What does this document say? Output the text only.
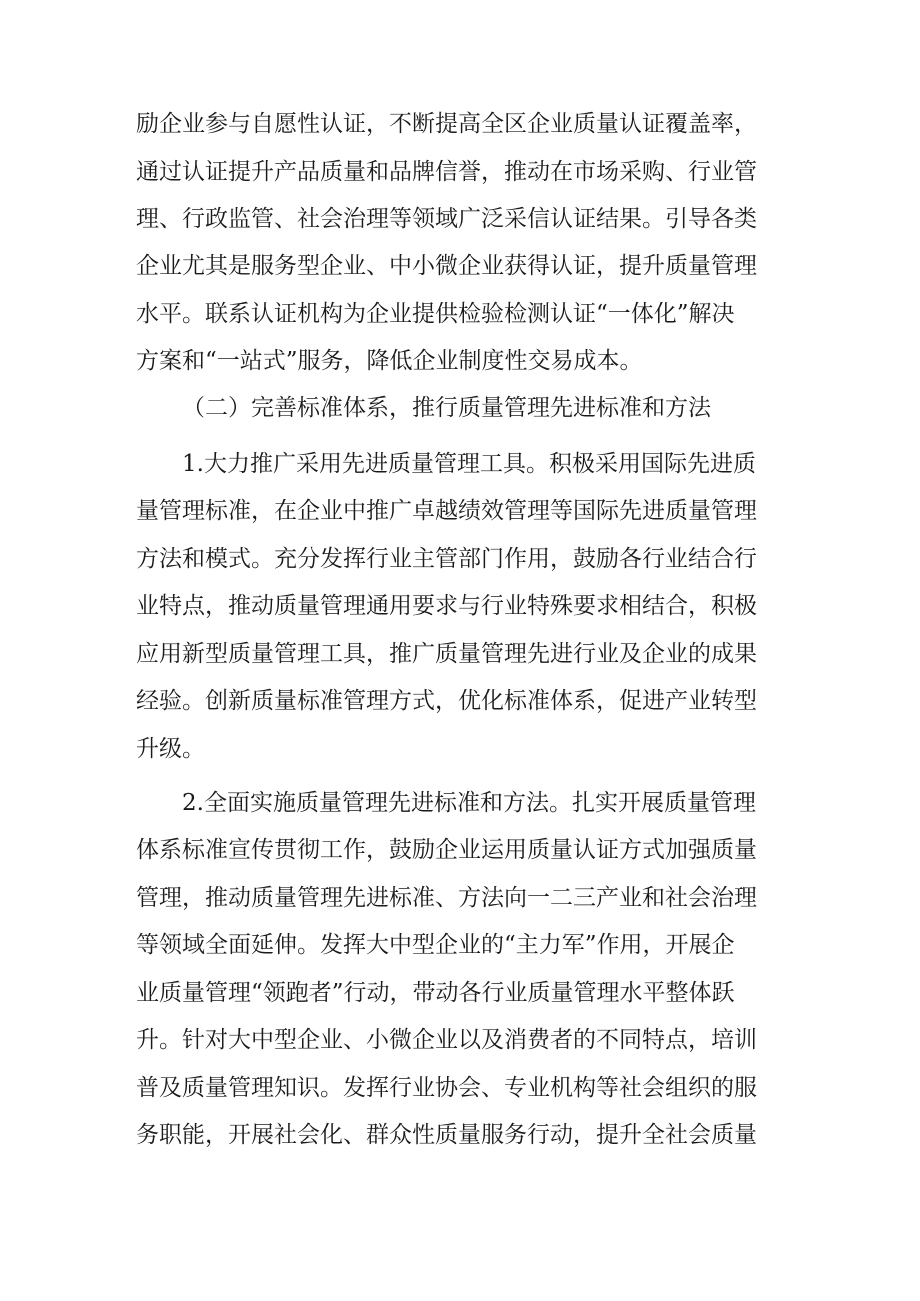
励企业参与自愿性认证，不断提高全区企业质量认证覆盖率，
通过认证提升产品质量和品牌信誉，推动在市场采购、行业管
理、行政监管、社会治理等领域广泛采信认证结果。引导各类
企业尤其是服务型企业、中小微企业获得认证，提升质量管理
水平。联系认证机构为企业提供检验检测认证“一体化”解决
方案和“一站式”服务，降低企业制度性交易成本。
（二）完善标准体系，推行质量管理先进标准和方法
1.大力推广采用先进质量管理工具。积极采用国际先进质
量管理标准，在企业中推广卓越绩效管理等国际先进质量管理
方法和模式。充分发挥行业主管部门作用，鼓励各行业结合行
业特点，推动质量管理通用要求与行业特殊要求相结合，积极
应用新型质量管理工具，推广质量管理先进行业及企业的成果
经验。创新质量标准管理方式，优化标准体系，促进产业转型
升级。
2.全面实施质量管理先进标准和方法。扎实开展质量管理
体系标准宣传贯彻工作，鼓励企业运用质量认证方式加强质量
管理，推动质量管理先进标准、方法向一二三产业和社会治理
等领域全面延伸。发挥大中型企业的“主力军”作用，开展企
业质量管理“领跑者”行动，带动各行业质量管理水平整体跃
升。针对大中型企业、小微企业以及消费者的不同特点，培训
普及质量管理知识。发挥行业协会、专业机构等社会组织的服
务职能，开展社会化、群众性质量服务行动，提升全社会质量
